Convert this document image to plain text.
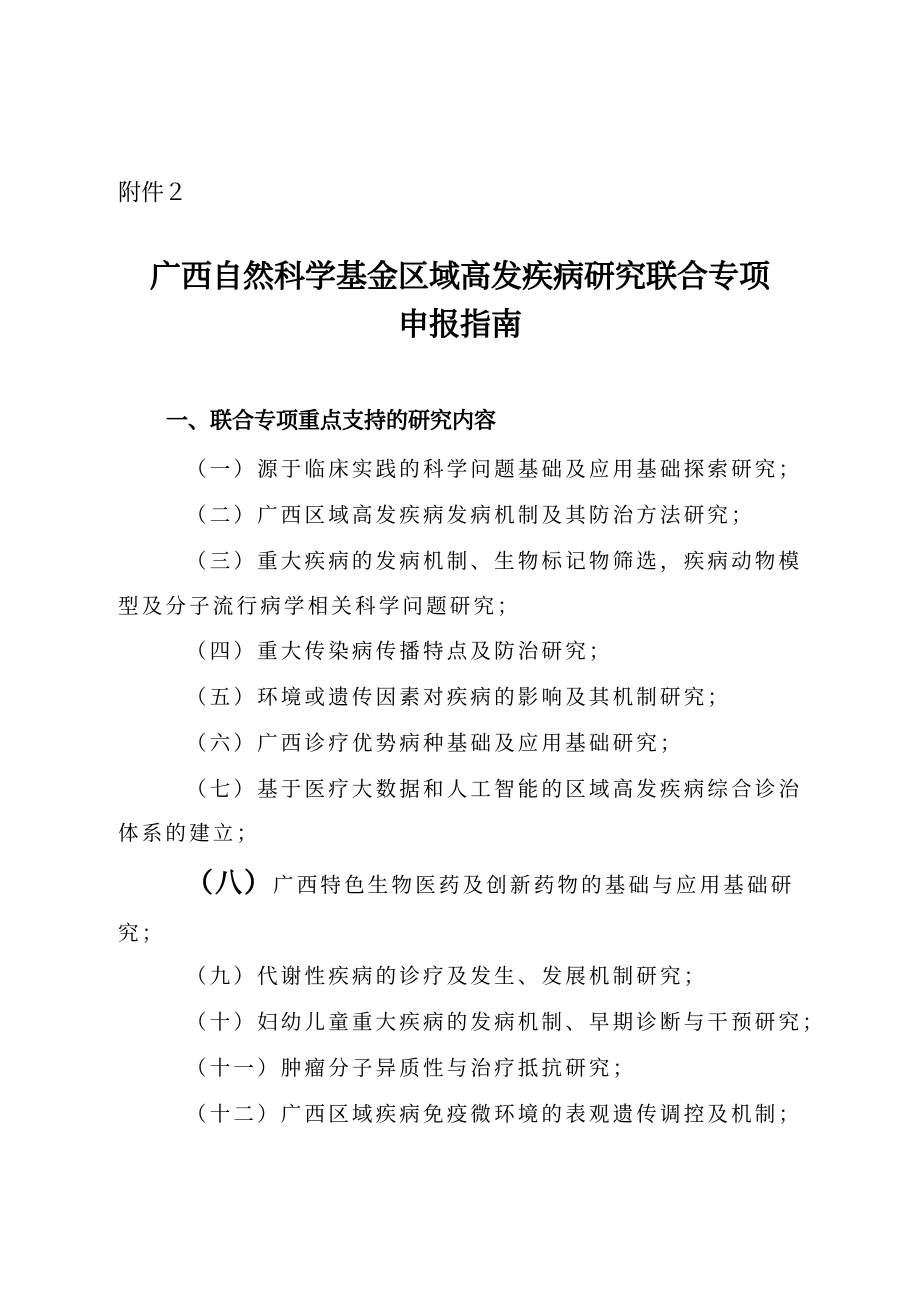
附件２
广西自然科学基金区域高发疾病研究联合专项
申报指南
一、联合专项重点支持的研究内容
（一）源于临床实践的科学问题基础及应用基础探索研究；
（二）广西区域高发疾病发病机制及其防治方法研究；
（三）重大疾病的发病机制、生物标记物筛选，疾病动物模
型及分子流行病学相关科学问题研究；
（四）重大传染病传播特点及防治研究；
（五）环境或遗传因素对疾病的影响及其机制研究；
（六）广西诊疗优势病种基础及应用基础研究；
（七）基于医疗大数据和人工智能的区域高发疾病综合诊治
体系的建立；
（八）广西特色生物医药及创新药物的基础与应用基础研
究；
（九）代谢性疾病的诊疗及发生、发展机制研究；
（十）妇幼儿童重大疾病的发病机制、早期诊断与干预研究；
（十一）肿瘤分子异质性与治疗抵抗研究；
（十二）广西区域疾病免疫微环境的表观遗传调控及机制；
